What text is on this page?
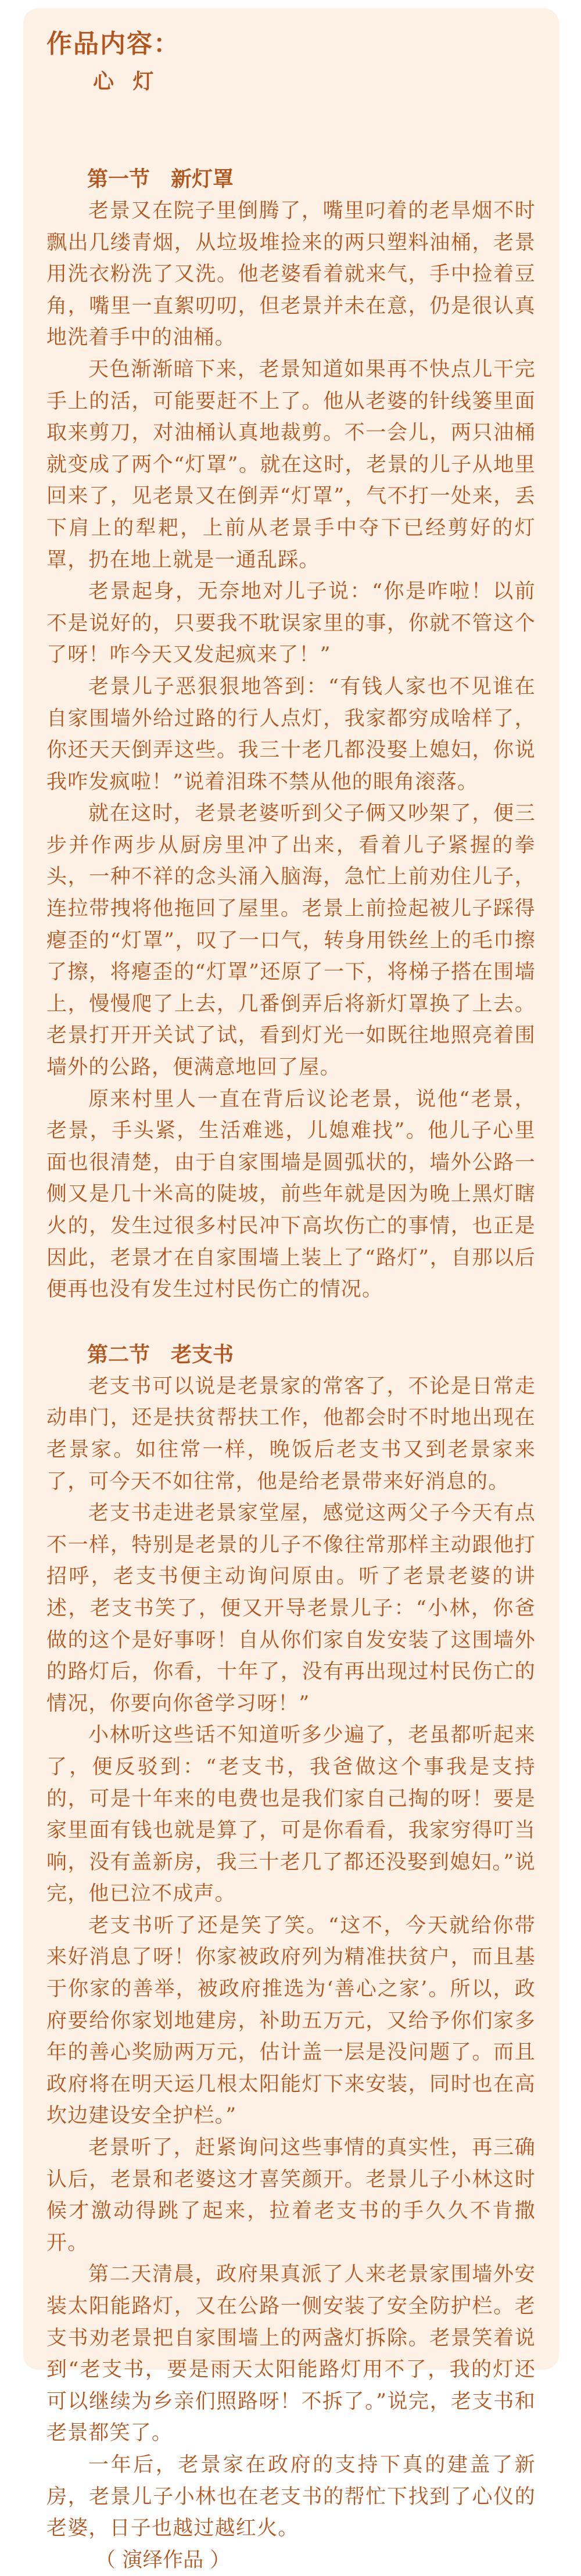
作品内容：
心 灯
第一节　新灯罩

老景又在院子里倒腾了，嘴里叼着的老旱烟不时飘出几缕青烟，从垃圾堆捡来的两只塑料油桶，老景用洗衣粉洗了又洗。他老婆看着就来气，手中捡着豆角，嘴里一直絮叨叨，但老景并未在意，仍是很认真地洗着手中的油桶。

天色渐渐暗下来，老景知道如果再不快点儿干完手上的活，可能要赶不上了。他从老婆的针线篓里面取来剪刀，对油桶认真地裁剪。不一会儿，两只油桶就变成了两个“灯罩”。就在这时，老景的儿子从地里回来了，见老景又在倒弄“灯罩”，气不打一处来，丢下肩上的犁耙，上前从老景手中夺下已经剪好的灯罩，扔在地上就是一通乱踩。

老景起身，无奈地对儿子说：“你是咋啦！以前不是说好的，只要我不耽误家里的事，你就不管这个了呀！咋今天又发起疯来了！”

老景儿子恶狠狠地答到：“有钱人家也不见谁在自家围墙外给过路的行人点灯，我家都穷成啥样了，你还天天倒弄这些。我三十老几都没娶上媳妇，你说我咋发疯啦！”说着泪珠不禁从他的眼角滚落。

就在这时，老景老婆听到父子俩又吵架了，便三步并作两步从厨房里冲了出来，看着儿子紧握的拳头，一种不祥的念头涌入脑海，急忙上前劝住儿子，连拉带拽将他拖回了屋里。老景上前捡起被儿子踩得瘪歪的“灯罩”，叹了一口气，转身用铁丝上的毛巾擦了擦，将瘪歪的“灯罩”还原了一下，将梯子搭在围墙上，慢慢爬了上去，几番倒弄后将新灯罩换了上去。老景打开开关试了试，看到灯光一如既往地照亮着围墙外的公路，便满意地回了屋。

原来村里人一直在背后议论老景，说他“老景，老景，手头紧，生活难逃，儿媳难找”。他儿子心里面也很清楚，由于自家围墙是圆弧状的，墙外公路一侧又是几十米高的陡坡，前些年就是因为晚上黑灯瞎火的，发生过很多村民冲下高坎伤亡的事情，也正是因此，老景才在自家围墙上装上了“路灯”，自那以后便再也没有发生过村民伤亡的情况。

第二节　老支书

老支书可以说是老景家的常客了，不论是日常走动串门，还是扶贫帮扶工作，他都会时不时地出现在老景家。如往常一样，晚饭后老支书又到老景家来了，可今天不如往常，他是给老景带来好消息的。

老支书走进老景家堂屋，感觉这两父子今天有点不一样，特别是老景的儿子不像往常那样主动跟他打招呼，老支书便主动询问原由。听了老景老婆的讲述，老支书笑了，便又开导老景儿子：“小林，你爸做的这个是好事呀！自从你们家自发安装了这围墙外的路灯后，你看，十年了，没有再出现过村民伤亡的情况，你要向你爸学习呀！”

小林听这些话不知道听多少遍了，老虽都听起来了，便反驳到：“老支书，我爸做这个事我是支持的，可是十年来的电费也是我们家自己掏的呀！要是家里面有钱也就是算了，可是你看看，我家穷得叮当响，没有盖新房，我三十老几了都还没娶到媳妇。”说完，他已泣不成声。

老支书听了还是笑了笑。“这不，今天就给你带来好消息了呀！你家被政府列为精准扶贫户，而且基于你家的善举，被政府推选为‘善心之家’。所以，政府要给你家划地建房，补助五万元，又给予你们家多年的善心奖励两万元，估计盖一层是没问题了。而且政府将在明天运几根太阳能灯下来安装，同时也在高坎边建设安全护栏。”

老景听了，赶紧询问这些事情的真实性，再三确认后，老景和老婆这才喜笑颜开。老景儿子小林这时候才激动得跳了起来，拉着老支书的手久久不肯撒开。

第二天清晨，政府果真派了人来老景家围墙外安装太阳能路灯，又在公路一侧安装了安全防护栏。老支书劝老景把自家围墙上的两盏灯拆除。老景笑着说到“老支书，要是雨天太阳能路灯用不了，我的灯还可以继续为乡亲们照路呀！不拆了。”说完，老支书和老景都笑了。

一年后，老景家在政府的支持下真的建盖了新房，老景儿子小林也在老支书的帮忙下找到了心仪的老婆，日子也越过越红火。

（ 演绎作品 ）
